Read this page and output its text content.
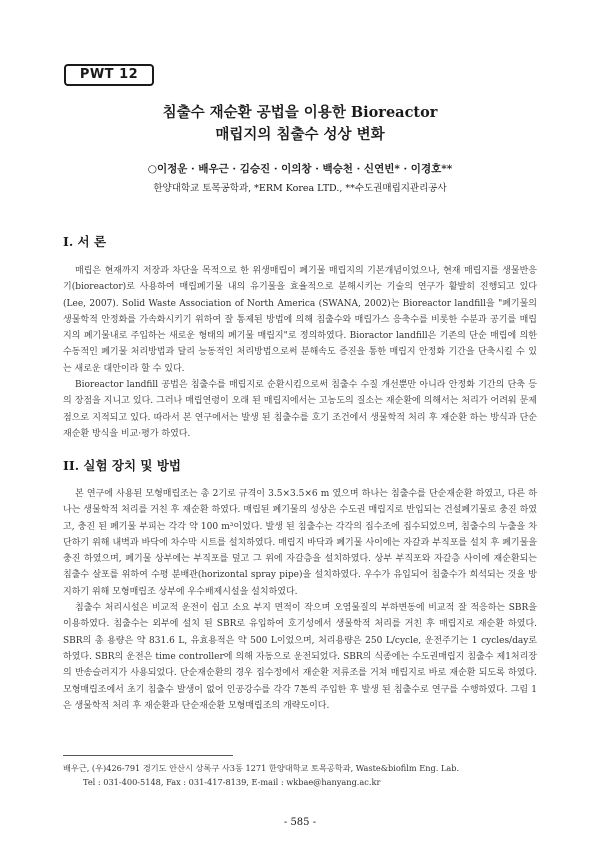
PWT 12
침출수 재순환 공법을 이용한 Bioreactor
매립지의 침출수 성상 변화
○이정운 · 배우근 · 김승진 · 이의창 · 백승천 · 신연빈* · 이경호**
한양대학교 토목공학과, *ERM Korea LTD., **수도권매립지관리공사
I. 서 론

매립은 현재까지 저장과 차단을 목적으로 한 위생매립이 폐기물 매립지의 기본개념이었으나, 현재 매립지를 생물반응기(bioreactor)로 사용하여 매립폐기물 내의 유기물을 효율적으로 분해시키는 기술의 연구가 활발히 진행되고 있다(Lee, 2007). Solid Waste Association of North America (SWANA, 2002)는 Bioreactor landfill을 "폐기물의 생물학적 안정화를 가속화시키기 위하여 잘 통제된 방법에 의해 침출수와 매립가스 응축수를 비롯한 수분과 공기를 매립지의 폐기물내로 주입하는 새로운 형태의 폐기물 매립지"로 정의하였다. Bioractor landfill은 기존의 단순 매립에 의한 수동적인 폐기물 처리방법과 달리 능동적인 처리방법으로써 분해속도 증진을 통한 매립지 안정화 기간을 단축시킬 수 있는 새로운 대안이라 할 수 있다.

Bioreactor landfill 공법은 침출수를 매립지로 순환시킴으로써 침출수 수질 개선뿐만 아니라 안정화 기간의 단축 등의 장점을 지니고 있다. 그러나 매립연령이 오래 된 매립지에서는 고농도의 질소는 재순환에 의해서는 처리가 어려워 문제점으로 지적되고 있다. 따라서 본 연구에서는 발생 된 침출수를 호기 조건에서 생물학적 처리 후 재순환 하는 방식과 단순재순환 방식을 비교·평가 하였다.

II. 실험 장치 및 방법

본 연구에 사용된 모형매립조는 총 2기로 규격이 3.5×3.5×6 m 였으며 하나는 침출수를 단순재순환 하였고, 다른 하나는 생물학적 처리를 거친 후 재순환 하였다. 매립된 폐기물의 성상은 수도권 매립지로 반입되는 건설폐기물로 충진 하였고, 충진 된 폐기물 부피는 각각 약 100 m³이었다. 발생 된 침출수는 각각의 집수조에 집수되었으며, 침출수의 누출을 차단하기 위해 내벽과 바닥에 차수막 시트를 설치하였다. 매립지 바닥과 폐기물 사이에는 자갈과 부직포를 설치 후 폐기물을 충진 하였으며, 폐기물 상부에는 부직포를 덮고 그 위에 자갈층을 설치하였다. 상부 부직포와 자갈층 사이에 재순환되는 침출수 살포를 위하여 수평 분배관(horizontal spray pipe)을 설치하였다. 우수가 유입되어 침출수가 희석되는 것을 방지하기 위해 모형매립조 상부에 우수배제시설을 설치하였다.

침출수 처리시설은 비교적 운전이 쉽고 소요 부지 면적이 작으며 오염물질의 부하변동에 비교적 잘 적응하는 SBR을 이용하였다. 침출수는 외부에 설치 된 SBR로 유입하여 호기성에서 생물학적 처리를 거친 후 매립지로 재순환 하였다. SBR의 총 용량은 약 831.6 L, 유효용적은 약 500 L이었으며, 처리용량은 250 L/cycle, 운전주기는 1 cycles/day로 하였다. SBR의 운전은 time controller에 의해 자동으로 운전되었다. SBR의 식종에는 수도권매립지 침출수 제1처리장의 반송슬러지가 사용되었다. 단순재순환의 경우 집수정에서 재순환 저류조를 거쳐 매립지로 바로 재순환 되도록 하였다. 모형매립조에서 초기 침출수 발생이 없어 인공강수를 각각 7톤씩 주입한 후 발생 된 침출수로 연구를 수행하였다. 그림 1은 생물학적 처리 후 재순환과 단순재순환 모형매립조의 개략도이다.

배우근, (우)426-791 경기도 안산시 상록구 사3동 1271 한양대학교 토목공학과, Waste&biofilm Eng. Lab.
Tel : 031-400-5148, Fax : 031-417-8139, E-mail : wkbae@hanyang.ac.kr
- 585 -
